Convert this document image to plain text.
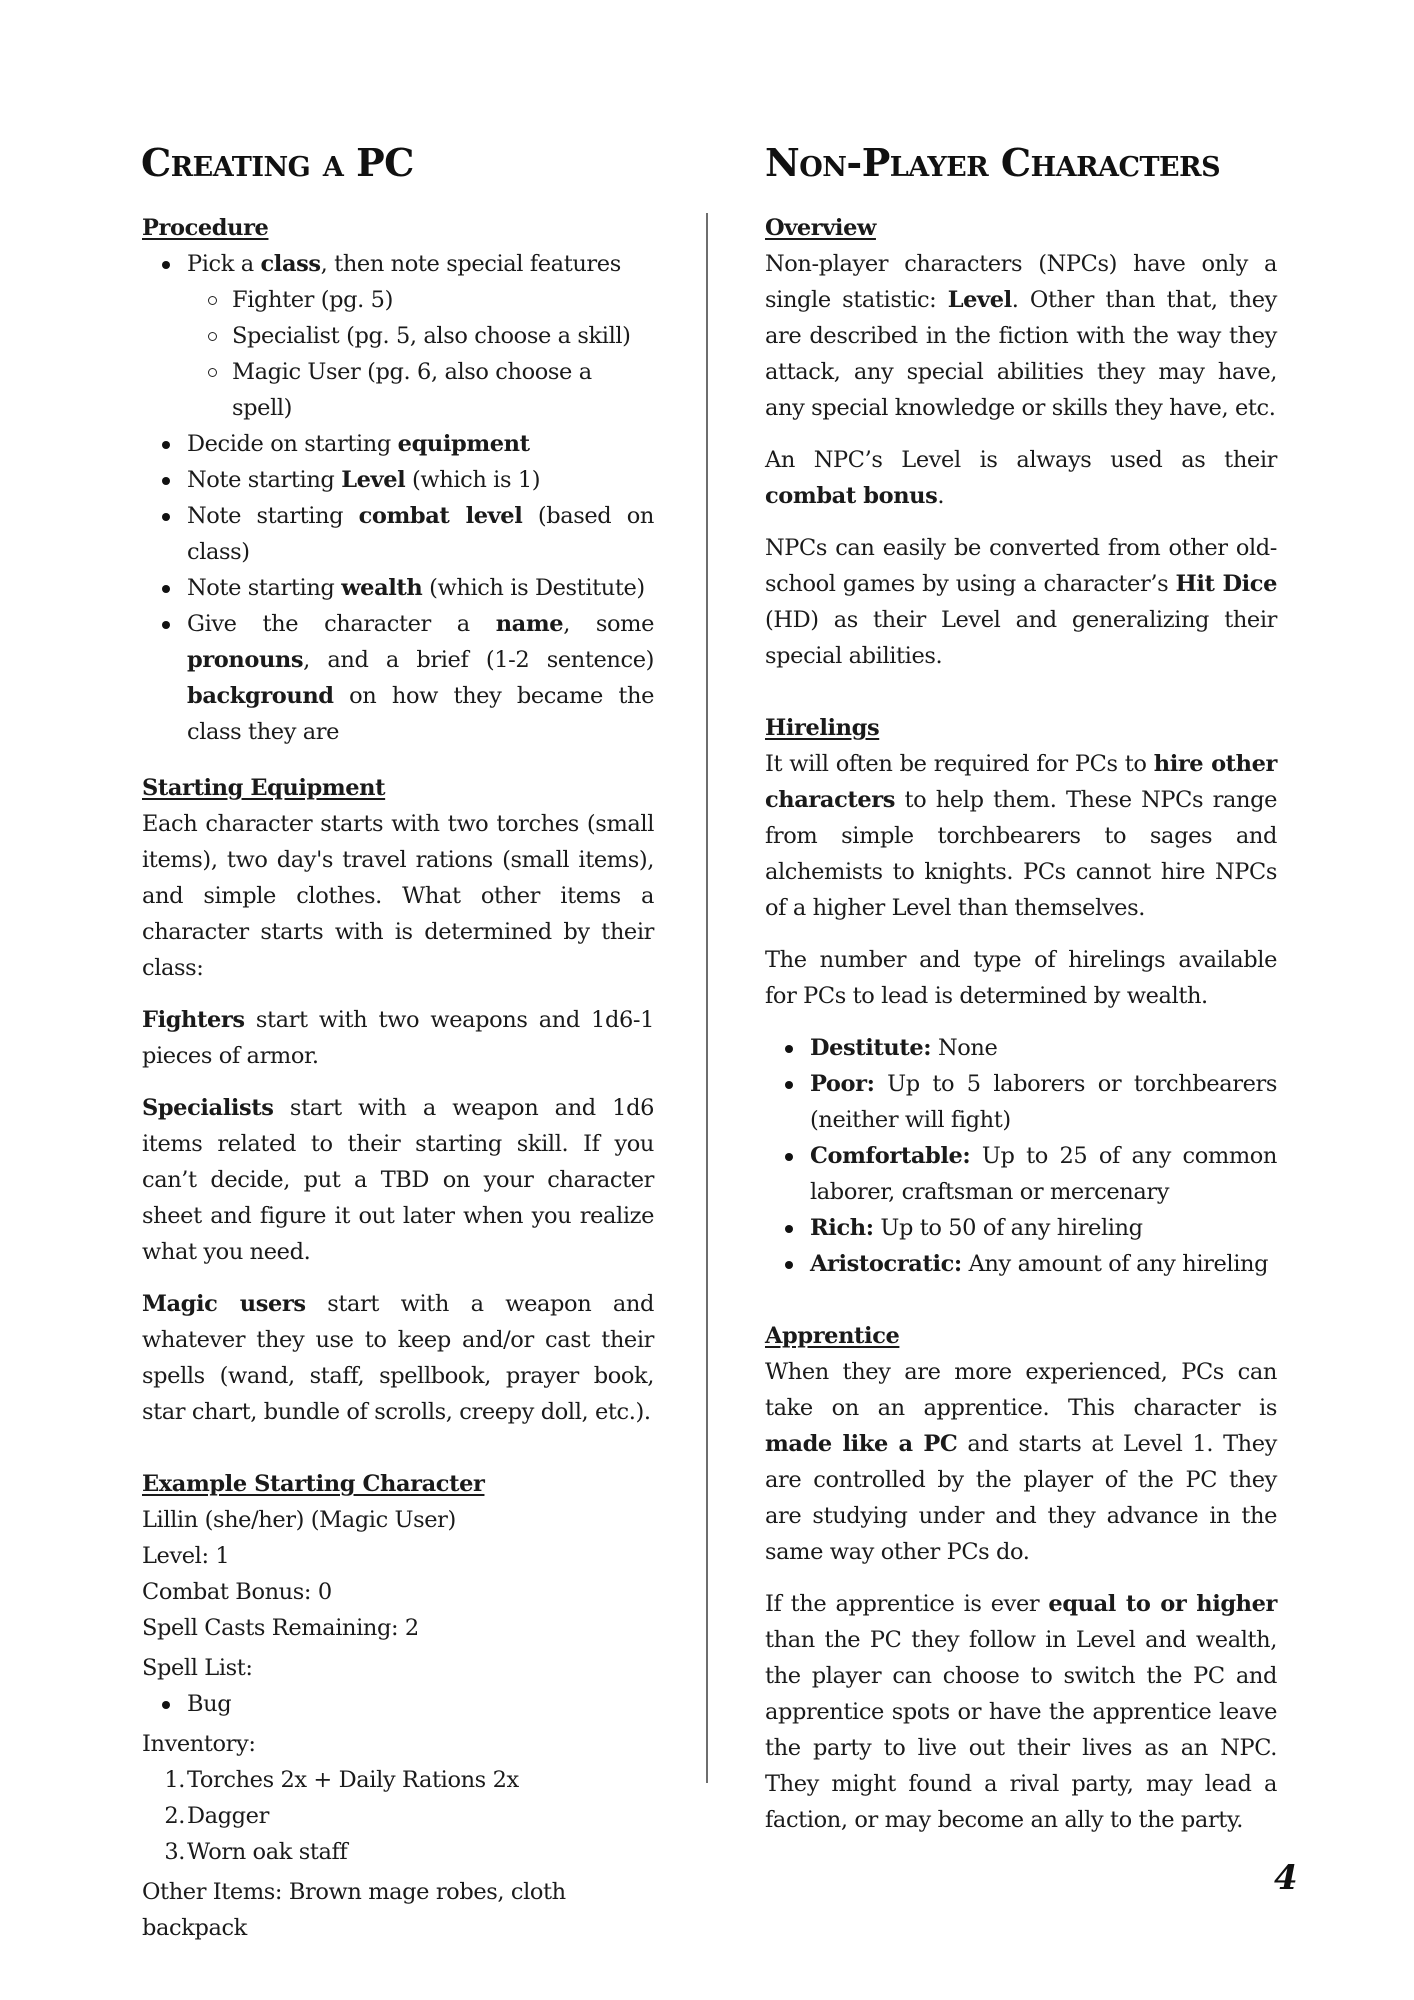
Creating a PC	Non-Player Characters
Procedure
Pick a class, then note special features
Fighter (pg. 5)
Specialist (pg. 5, also choose a skill)
Magic User (pg. 6, also choose a spell)
Decide on starting equipment
Note starting Level (which is 1)
Note starting combat level (based on class)
Note starting wealth (which is Destitute)
Give the character a name, some pronouns, and a brief (1-2 sentence) background on how they became the class they are
Starting Equipment

Each character starts with two torches (small items), two day's travel rations (small items), and simple clothes. What other items a character starts with is determined by their class:

Fighters start with two weapons and 1d6-1 pieces of armor.

Specialists start with a weapon and 1d6 items related to their starting skill. If you can’t decide, put a TBD on your character sheet and figure it out later when you realize what you need.

Magic users start with a weapon and whatever they use to keep and/or cast their spells (wand, staff, spellbook, prayer book, star chart, bundle of scrolls, creepy doll, etc.).

Example Starting Character
Lillin (she/her) (Magic User)
Level: 1
Combat Bonus: 0
Spell Casts Remaining: 2
Spell List:
Bug
Inventory:
1. Torches 2x + Daily Rations 2x
2. Dagger
3. Worn oak staff
Other Items: Brown mage robes, cloth backpack
Overview

Non-player characters (NPCs) have only a single statistic: Level. Other than that, they are described in the fiction with the way they attack, any special abilities they may have, any special knowledge or skills they have, etc.

An NPC’s Level is always used as their combat bonus.

NPCs can easily be converted from other old-school games by using a character’s Hit Dice (HD) as their Level and generalizing their special abilities.

Hirelings

It will often be required for PCs to hire other characters to help them. These NPCs range from simple torchbearers to sages and alchemists to knights. PCs cannot hire NPCs of a higher Level than themselves.

The number and type of hirelings available for PCs to lead is determined by wealth.

Destitute: None
Poor: Up to 5 laborers or torchbearers (neither will fight)
Comfortable: Up to 25 of any common laborer, craftsman or mercenary
Rich: Up to 50 of any hireling
Aristocratic: Any amount of any hireling
Apprentice

When they are more experienced, PCs can take on an apprentice. This character is made like a PC and starts at Level 1. They are controlled by the player of the PC they are studying under and they advance in the same way other PCs do.

If the apprentice is ever equal to or higher than the PC they follow in Level and wealth, the player can choose to switch the PC and apprentice spots or have the apprentice leave the party to live out their lives as an NPC. They might found a rival party, may lead a faction, or may become an ally to the party.

4
